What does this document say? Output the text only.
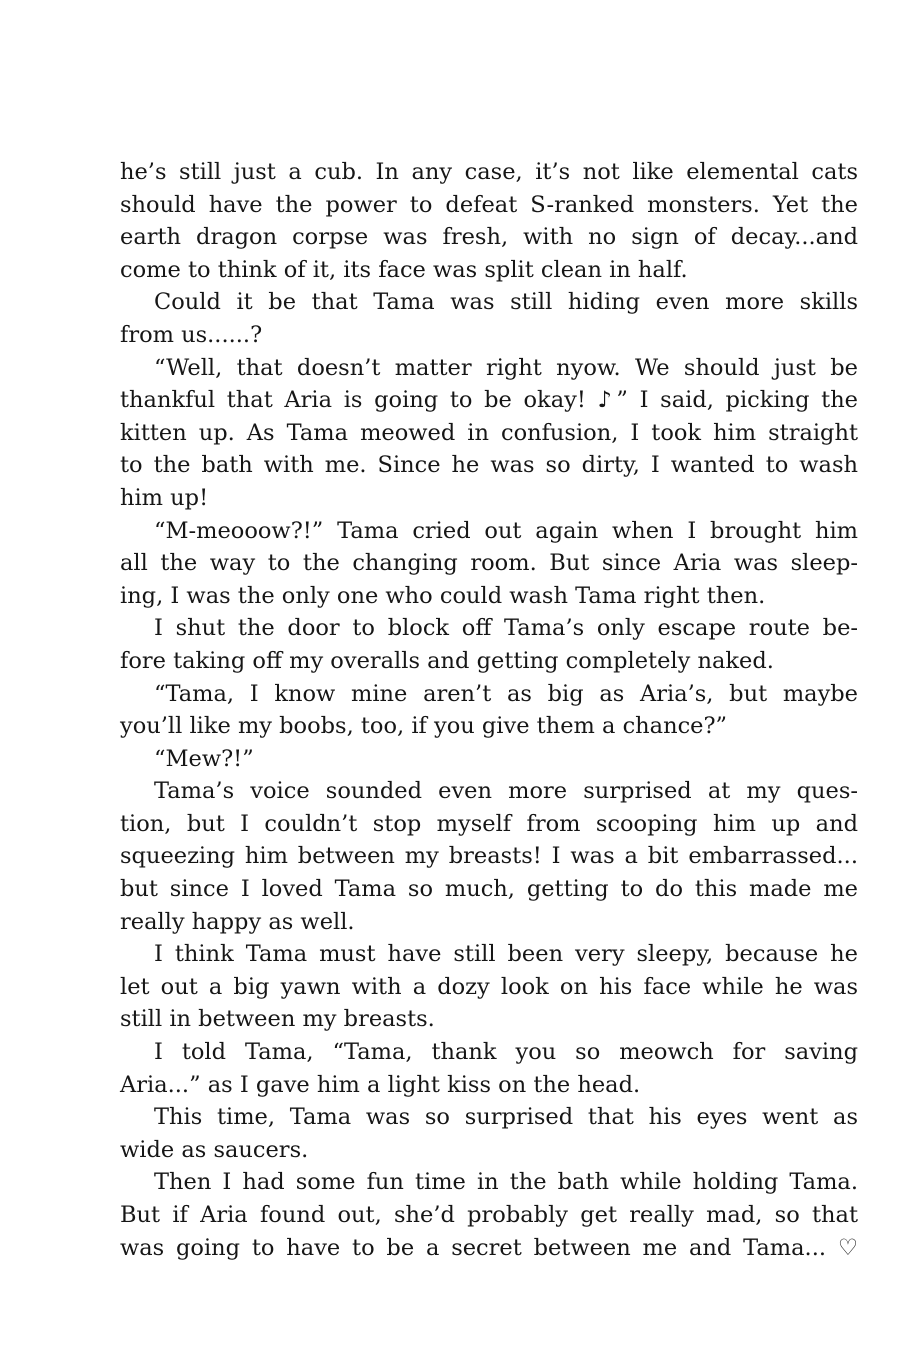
he’s still just a cub. In any case, it’s not like elemental cats
should have the power to defeat S-ranked monsters. Yet the
earth dragon corpse was fresh, with no sign of decay...and
come to think of it, its face was split clean in half.
Could it be that Tama was still hiding even more skills
from us......?
“Well, that doesn’t matter right nyow. We should just be
thankful that Aria is going to be okay! ♪” I said, picking the
kitten up. As Tama meowed in confusion, I took him straight
to the bath with me. Since he was so dirty, I wanted to wash
him up!
“M-meooow?!” Tama cried out again when I brought him
all the way to the changing room. But since Aria was sleep-
ing, I was the only one who could wash Tama right then.
I shut the door to block off Tama’s only escape route be-
fore taking off my overalls and getting completely naked.
“Tama, I know mine aren’t as big as Aria’s, but maybe
you’ll like my boobs, too, if you give them a chance?”
“Mew?!”
Tama’s voice sounded even more surprised at my ques-
tion, but I couldn’t stop myself from scooping him up and
squeezing him between my breasts! I was a bit embarrassed...
but since I loved Tama so much, getting to do this made me
really happy as well.
I think Tama must have still been very sleepy, because he
let out a big yawn with a dozy look on his face while he was
still in between my breasts.
I told Tama, “Tama, thank you so meowch for saving
Aria...” as I gave him a light kiss on the head.
This time, Tama was so surprised that his eyes went as
wide as saucers.
Then I had some fun time in the bath while holding Tama.
But if Aria found out, she’d probably get really mad, so that
was going to have to be a secret between me and Tama... ♡
